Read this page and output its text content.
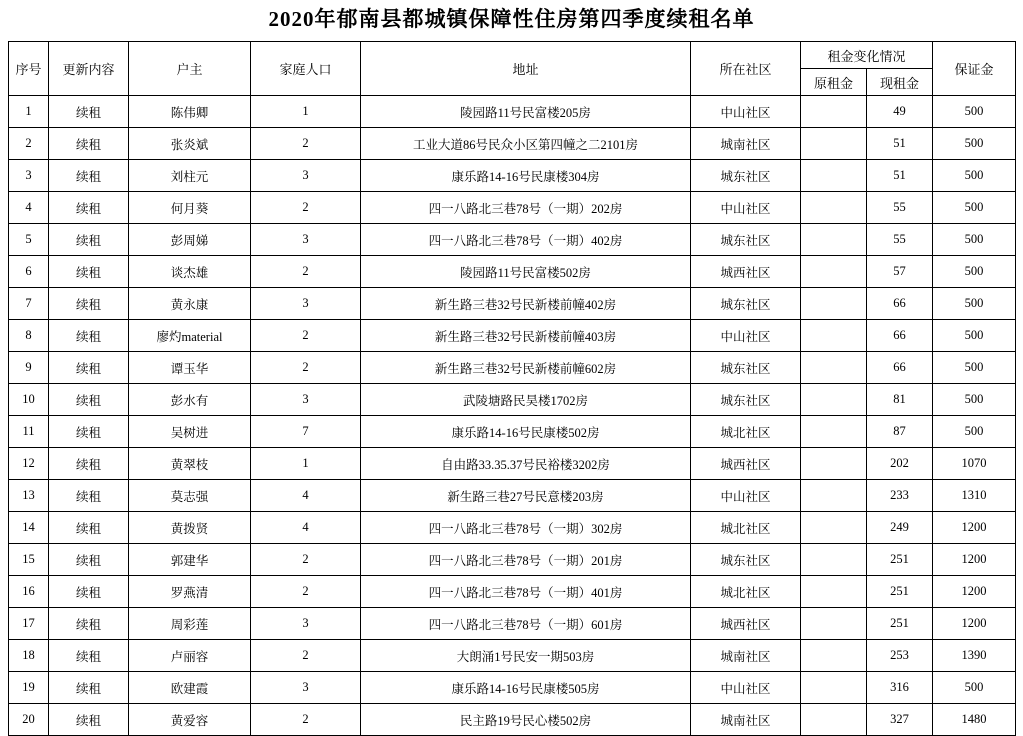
2020年郁南县都城镇保障性住房第四季度续租名单
序号	更新内容	户主	家庭人口	地址	所在社区	租金变化情况		保证金
						原租金	现租金	
1	续租	陈伟卿	1	陵园路11号民富楼205房	中山社区		49	500
2	续租	张炎斌	2	工业大道86号民众小区第四幢之二2101房	城南社区		51	500
3	续租	刘柱元	3	康乐路14-16号民康楼304房	城东社区		51	500
4	续租	何月葵	2	四一八路北三巷78号（一期）202房	中山社区		55	500
5	续租	彭周娣	3	四一八路北三巷78号（一期）402房	城东社区		55	500
6	续租	谈杰雄	2	陵园路11号民富楼502房	城西社区		57	500
7	续租	黄永康	3	新生路三巷32号民新楼前幢402房	城东社区		66	500
8	续租	廖灼material	2	新生路三巷32号民新楼前幢403房	中山社区		66	500
9	续租	谭玉华	2	新生路三巷32号民新楼前幢602房	城东社区		66	500
10	续租	彭水有	3	武陵塘路民昊楼1702房	城东社区		81	500
11	续租	吴树进	7	康乐路14-16号民康楼502房	城北社区		87	500
12	续租	黄翠枝	1	自由路33.35.37号民裕楼3202房	城西社区		202	1070
13	续租	莫志强	4	新生路三巷27号民意楼203房	中山社区		233	1310
14	续租	黄拨贤	4	四一八路北三巷78号（一期）302房	城北社区		249	1200
15	续租	郭建华	2	四一八路北三巷78号（一期）201房	城东社区		251	1200
16	续租	罗燕清	2	四一八路北三巷78号（一期）401房	城北社区		251	1200
17	续租	周彩莲	3	四一八路北三巷78号（一期）601房	城西社区		251	1200
18	续租	卢丽容	2	大朗涌1号民安一期503房	城南社区		253	1390
19	续租	欧建霞	3	康乐路14-16号民康楼505房	中山社区		316	500
20	续租	黄爱容	2	民主路19号民心楼502房	城南社区		327	1480
